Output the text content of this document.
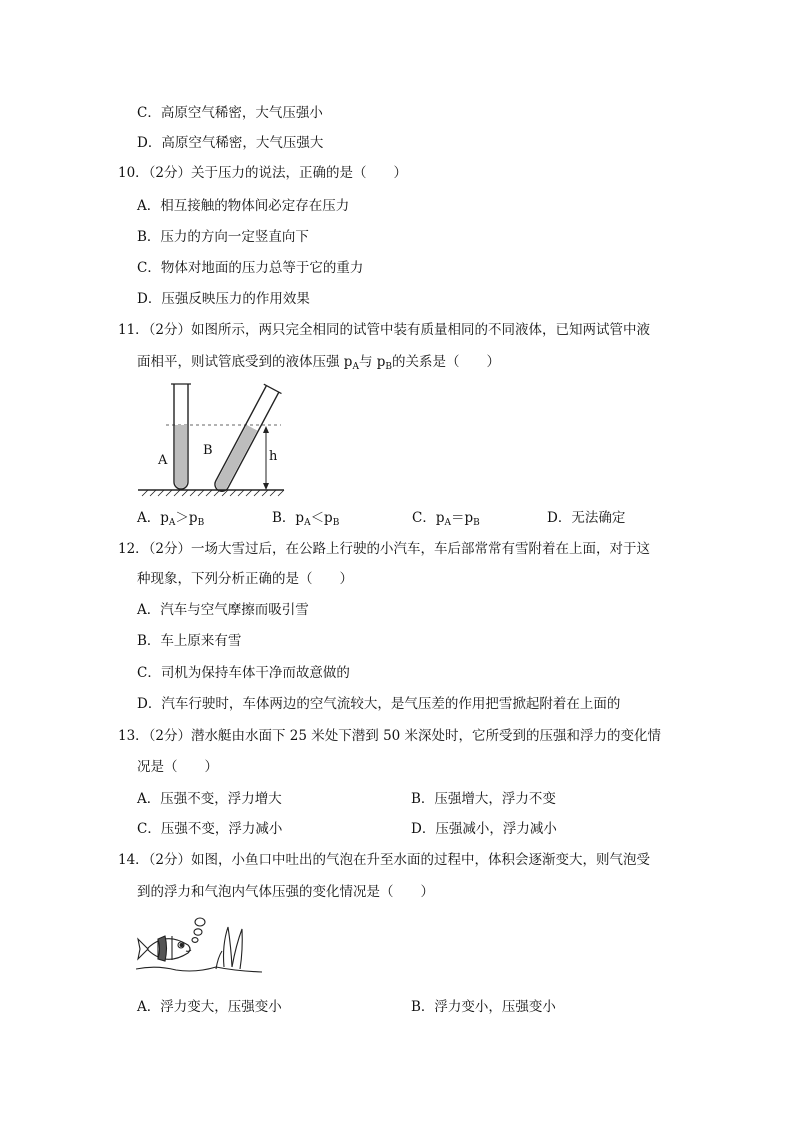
C．高原空气稀密，大气压强小
D．高原空气稀密，大气压强大
10．（2分）关于压力的说法，正确的是（　　）
A．相互接触的物体间必定存在压力
B．压力的方向一定竖直向下
C．物体对地面的压力总等于它的重力
D．压强反映压力的作用效果
11．（2分）如图所示，两只完全相同的试管中装有质量相同的不同液体，已知两试管中液
面相平，则试管底受到的液体压强 $p_A$与 $p_B$的关系是（　　）
A
B	h
A．$p_A>p_B$	B．$p_A<p_B$	C．$p_A=p_B$	D．无法确定
12．（2分）一场大雪过后，在公路上行驶的小汽车，车后部常常有雪附着在上面，对于这
种现象，下列分析正确的是（　　）
A．汽车与空气摩擦而吸引雪
B．车上原来有雪
C．司机为保持车体干净而故意做的
D．汽车行驶时，车体两边的空气流较大，是气压差的作用把雪掀起附着在上面的
13．（2分）潜水艇由水面下 25 米处下潜到 50 米深处时，它所受到的压强和浮力的变化情
况是（　　）
A．压强不变，浮力增大	B．压强增大，浮力不变
C．压强不变，浮力减小	D．压强减小，浮力减小
14．（2分）如图，小鱼口中吐出的气泡在升至水面的过程中，体积会逐渐变大，则气泡受
到的浮力和气泡内气体压强的变化情况是（　　）
A．浮力变大，压强变小	B．浮力变小，压强变小
